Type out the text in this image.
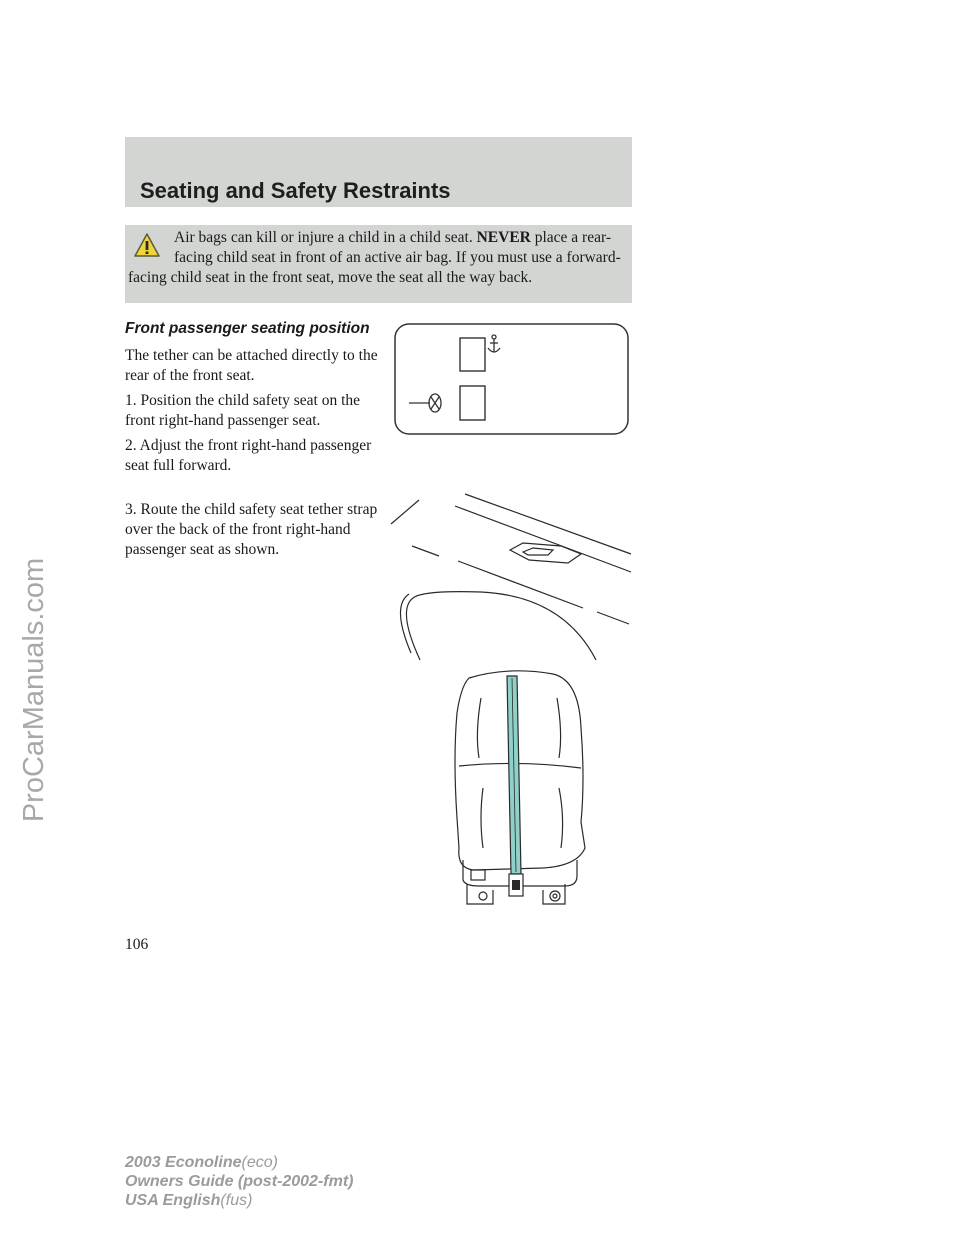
ProCarManuals.com
Seating and Safety Restraints

Air bags can kill or injure a child in a child seat. NEVER place a rear-facing child seat in front of an active air bag. If you must use a forward-facing child seat in the front seat, move the seat all the way back.

Front passenger seating position

The tether can be attached directly to the rear of the front seat.

1. Position the child safety seat on the front right-hand passenger seat.

2. Adjust the front right-hand passenger seat full forward.

3. Route the child safety seat tether strap over the back of the front right-hand passenger seat as shown.

106

2003 Econoline(eco)
Owners Guide (post-2002-fmt)
USA English(fus)
